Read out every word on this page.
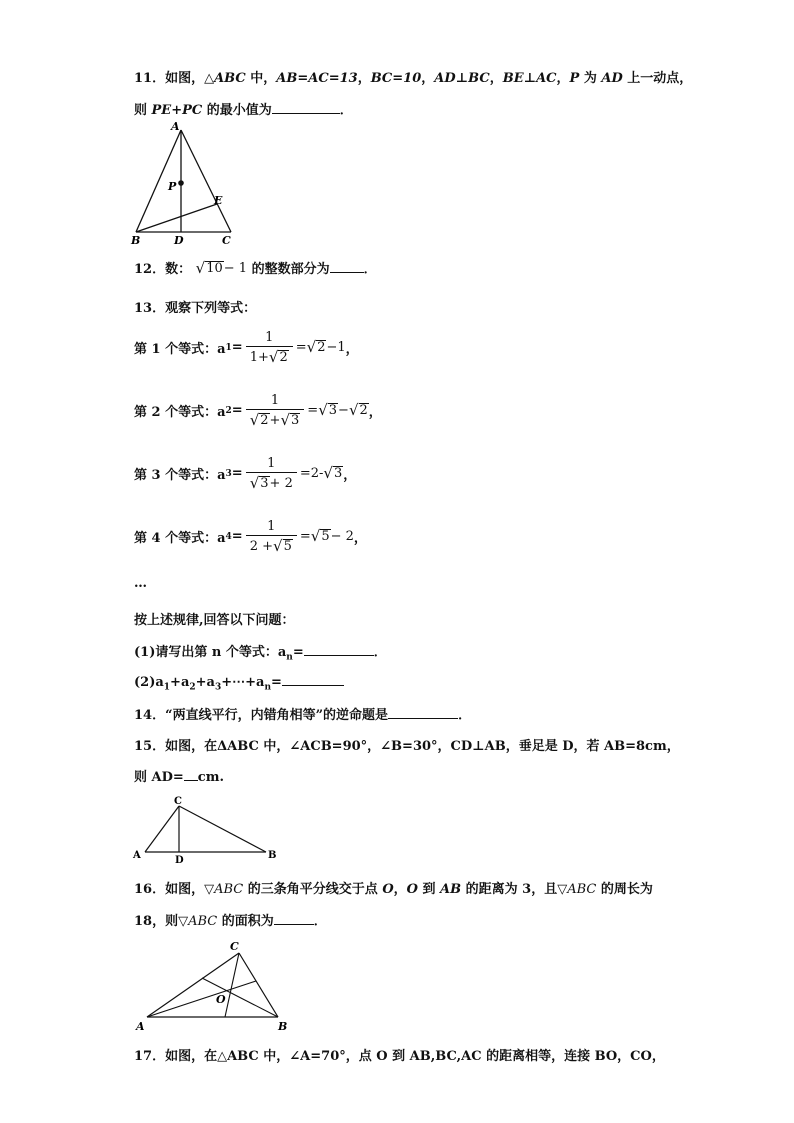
11．如图，△ABC 中，AB=AC=13，BC=10，AD⊥BC，BE⊥AC，P 为 AD 上一动点，
则 PE+PC 的最小值为	．
A
P
E
B	D	C
12．数： √ 10 − 1 的整数部分为	．
13．观察下列等式：
第 1 个等式：a $1 = \frac{1}{1+ √ 2}$ = √ 2 −1 ，
第 2 个等式：a $2 = \frac{1}{√ 2 + √ 3}$ = √ 3 − √ 2 ，
第 3 个等式：a $3 = \frac{1}{√ 3 + 2} =2-$ √ 3 ，
第 4 个等式：a $4 = \frac{1}{2 + √ 5}$ = √ 5 − 2 ，
…
按上述规律,回答以下问题：
(1)请写出第 n 个等式：$a_n=$	．
$(2)a_1+a_2+a_3+\cdots+a_n=$
14．“两直线平行，内错角相等”的逆命题是	．
15．如图，在ΔABC 中，∠ACB=90°，∠B=30°，CD⊥AB，垂足是 D，若 AB=8cm，
则 AD= cm.
C
A	D	B
16．如图，▽ABC 的三条角平分线交于点 O，O 到 AB 的距离为 3，且▽ABC 的周长为
18，则▽ABC 的面积为	．
C
O
A	B
17．如图，在△ABC 中，∠A=70°，点 O 到 AB,BC,AC 的距离相等，连接 BO，CO，
